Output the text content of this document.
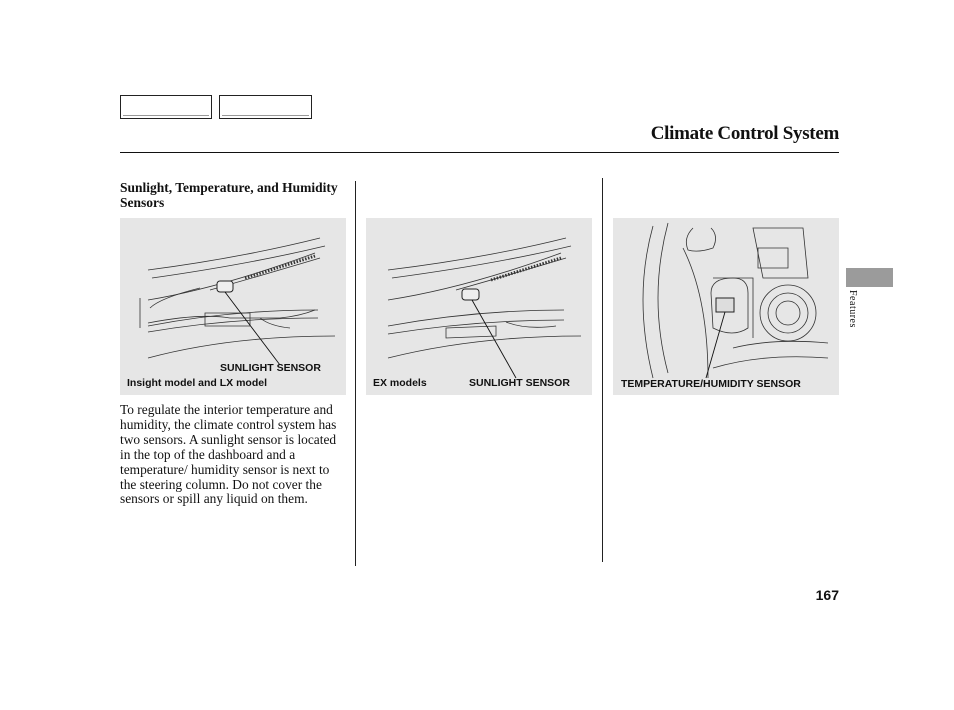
Climate Control System
Sunlight, Temperature, and Humidity Sensors
SUNLIGHT SENSOR
Insight model and LX model	EX models	SUNLIGHT SENSOR	TEMPERATURE/HUMIDITY SENSOR
To regulate the interior temperature and humidity, the climate control system has two sensors. A sunlight sensor is located in the top of the dashboard and a temperature/ humidity sensor is next to the steering column. Do not cover the sensors or spill any liquid on them.
Features
167
